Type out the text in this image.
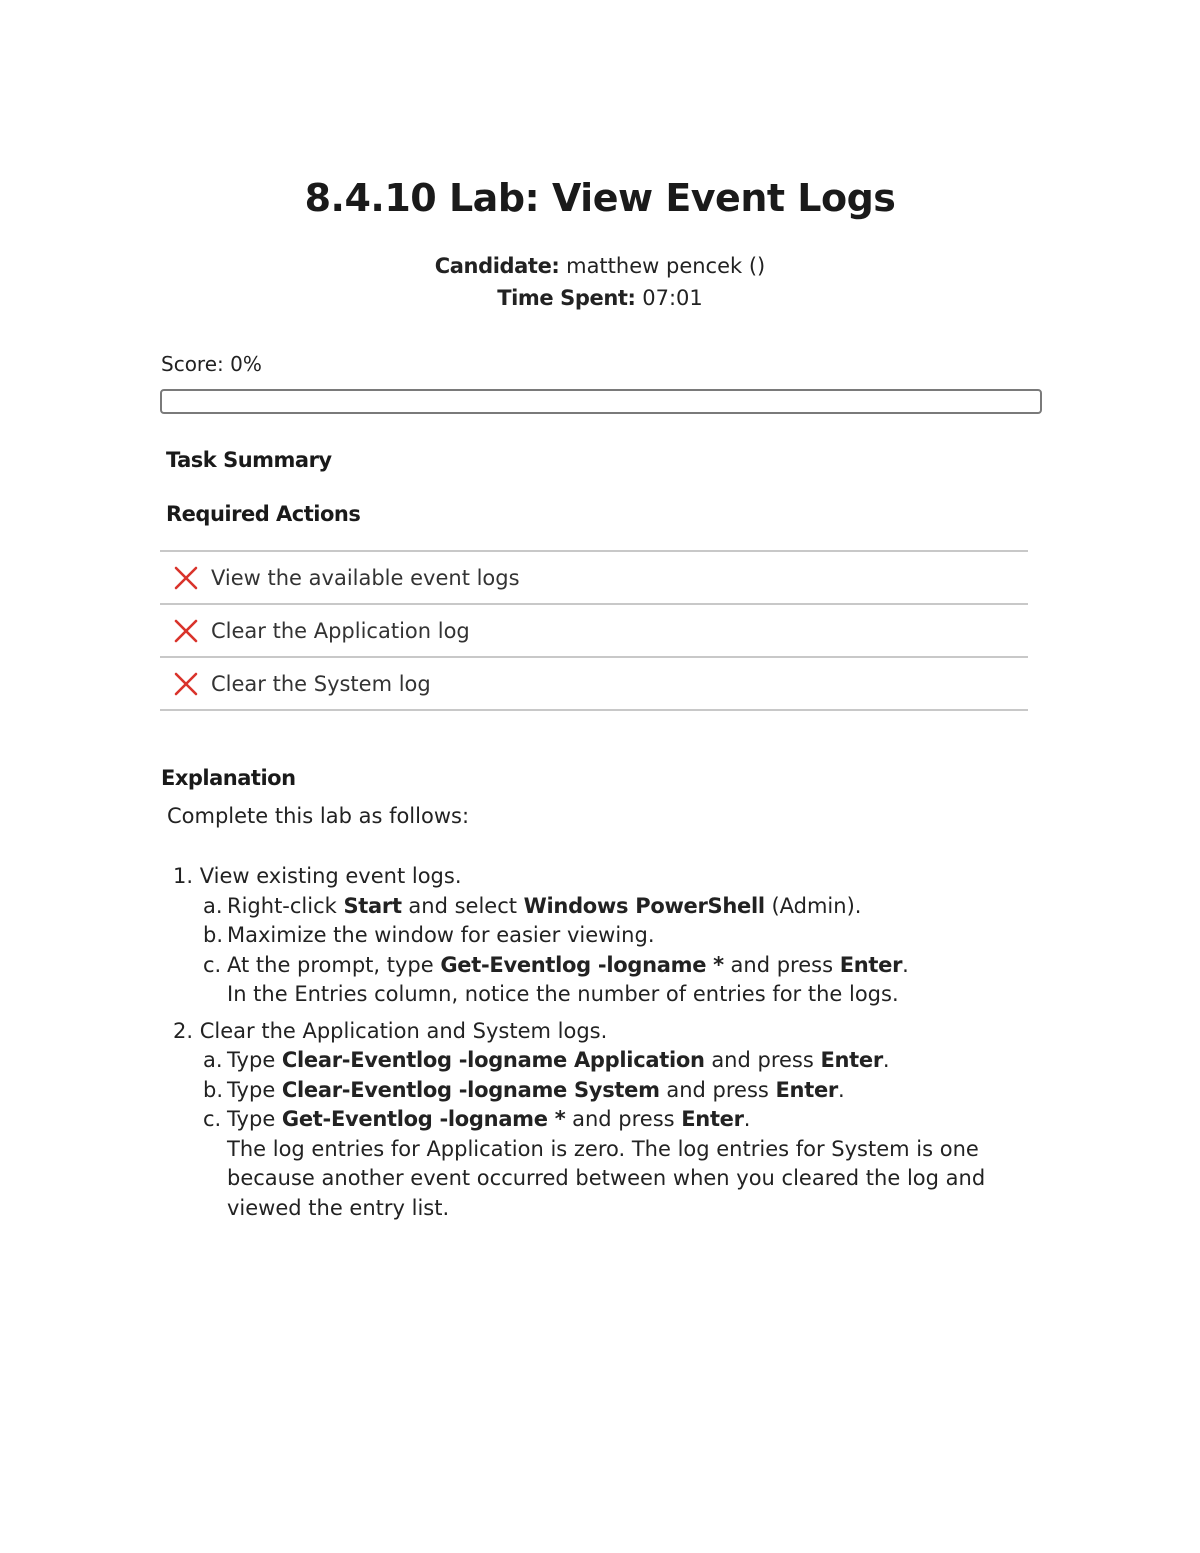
8.4.10 Lab: View Event Logs
Candidate: matthew pencek ()
Time Spent: 07:01
Score: 0%
Task Summary
Required Actions
View the available event logs
Clear the Application log
Clear the System log
Explanation
Complete this lab as follows:
1. View existing event logs.
a. Right-click Start and select Windows PowerShell (Admin).
b. Maximize the window for easier viewing.
c. At the prompt, type Get-Eventlog -logname * and press Enter.
In the Entries column, notice the number of entries for the logs.
2. Clear the Application and System logs.
a. Type Clear-Eventlog -logname Application and press Enter.
b. Type Clear-Eventlog -logname System and press Enter.
c. Type Get-Eventlog -logname * and press Enter.
The log entries for Application is zero. The log entries for System is one because another event occurred between when you cleared the log and viewed the entry list.
